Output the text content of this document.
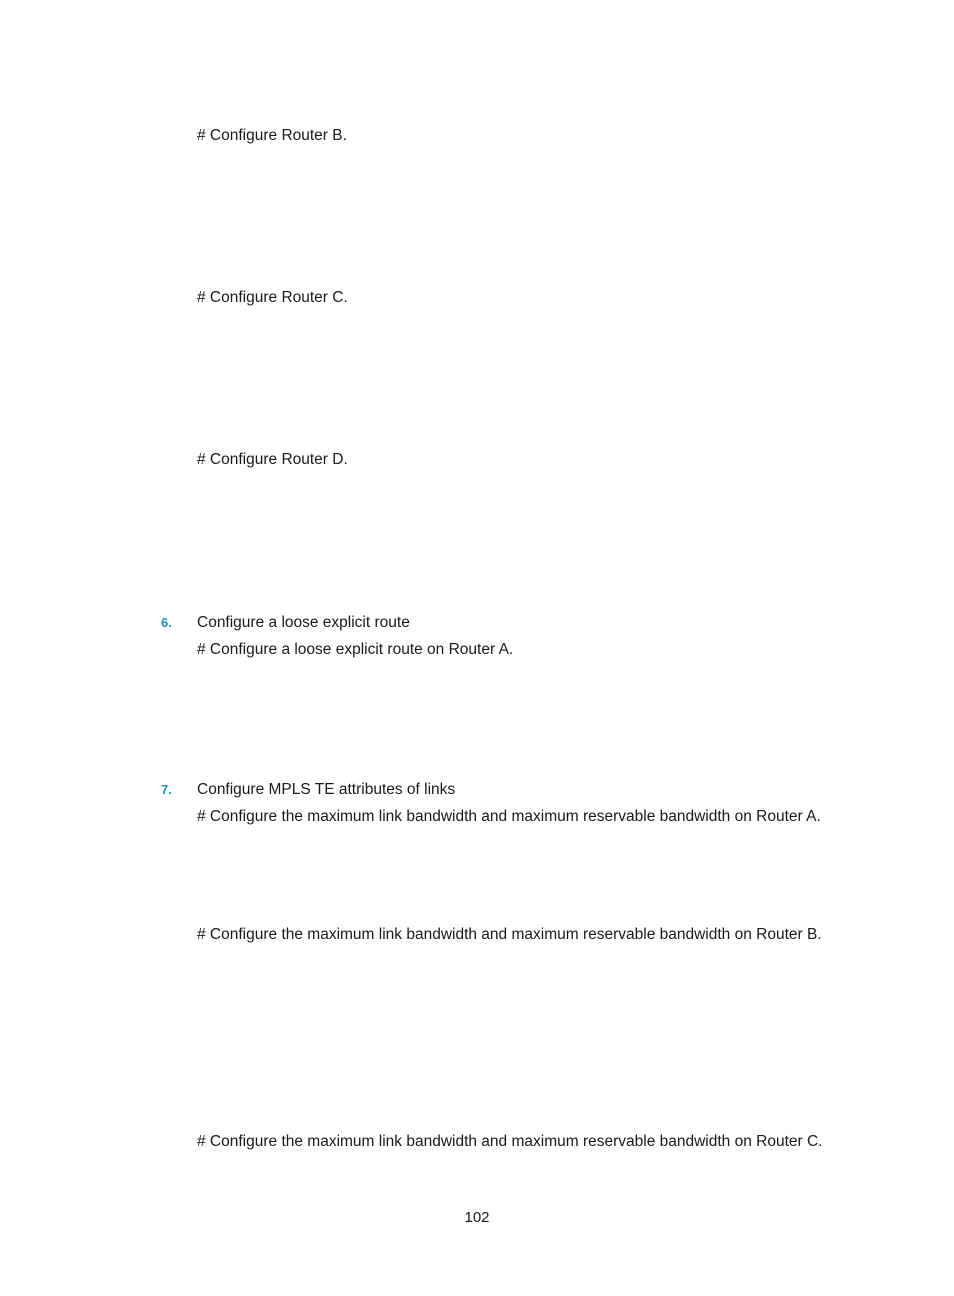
# Configure Router B.
# Configure Router C.
# Configure Router D.
6. Configure a loose explicit route
# Configure a loose explicit route on Router A.
7. Configure MPLS TE attributes of links
# Configure the maximum link bandwidth and maximum reservable bandwidth on Router A.
# Configure the maximum link bandwidth and maximum reservable bandwidth on Router B.
# Configure the maximum link bandwidth and maximum reservable bandwidth on Router C.
102
